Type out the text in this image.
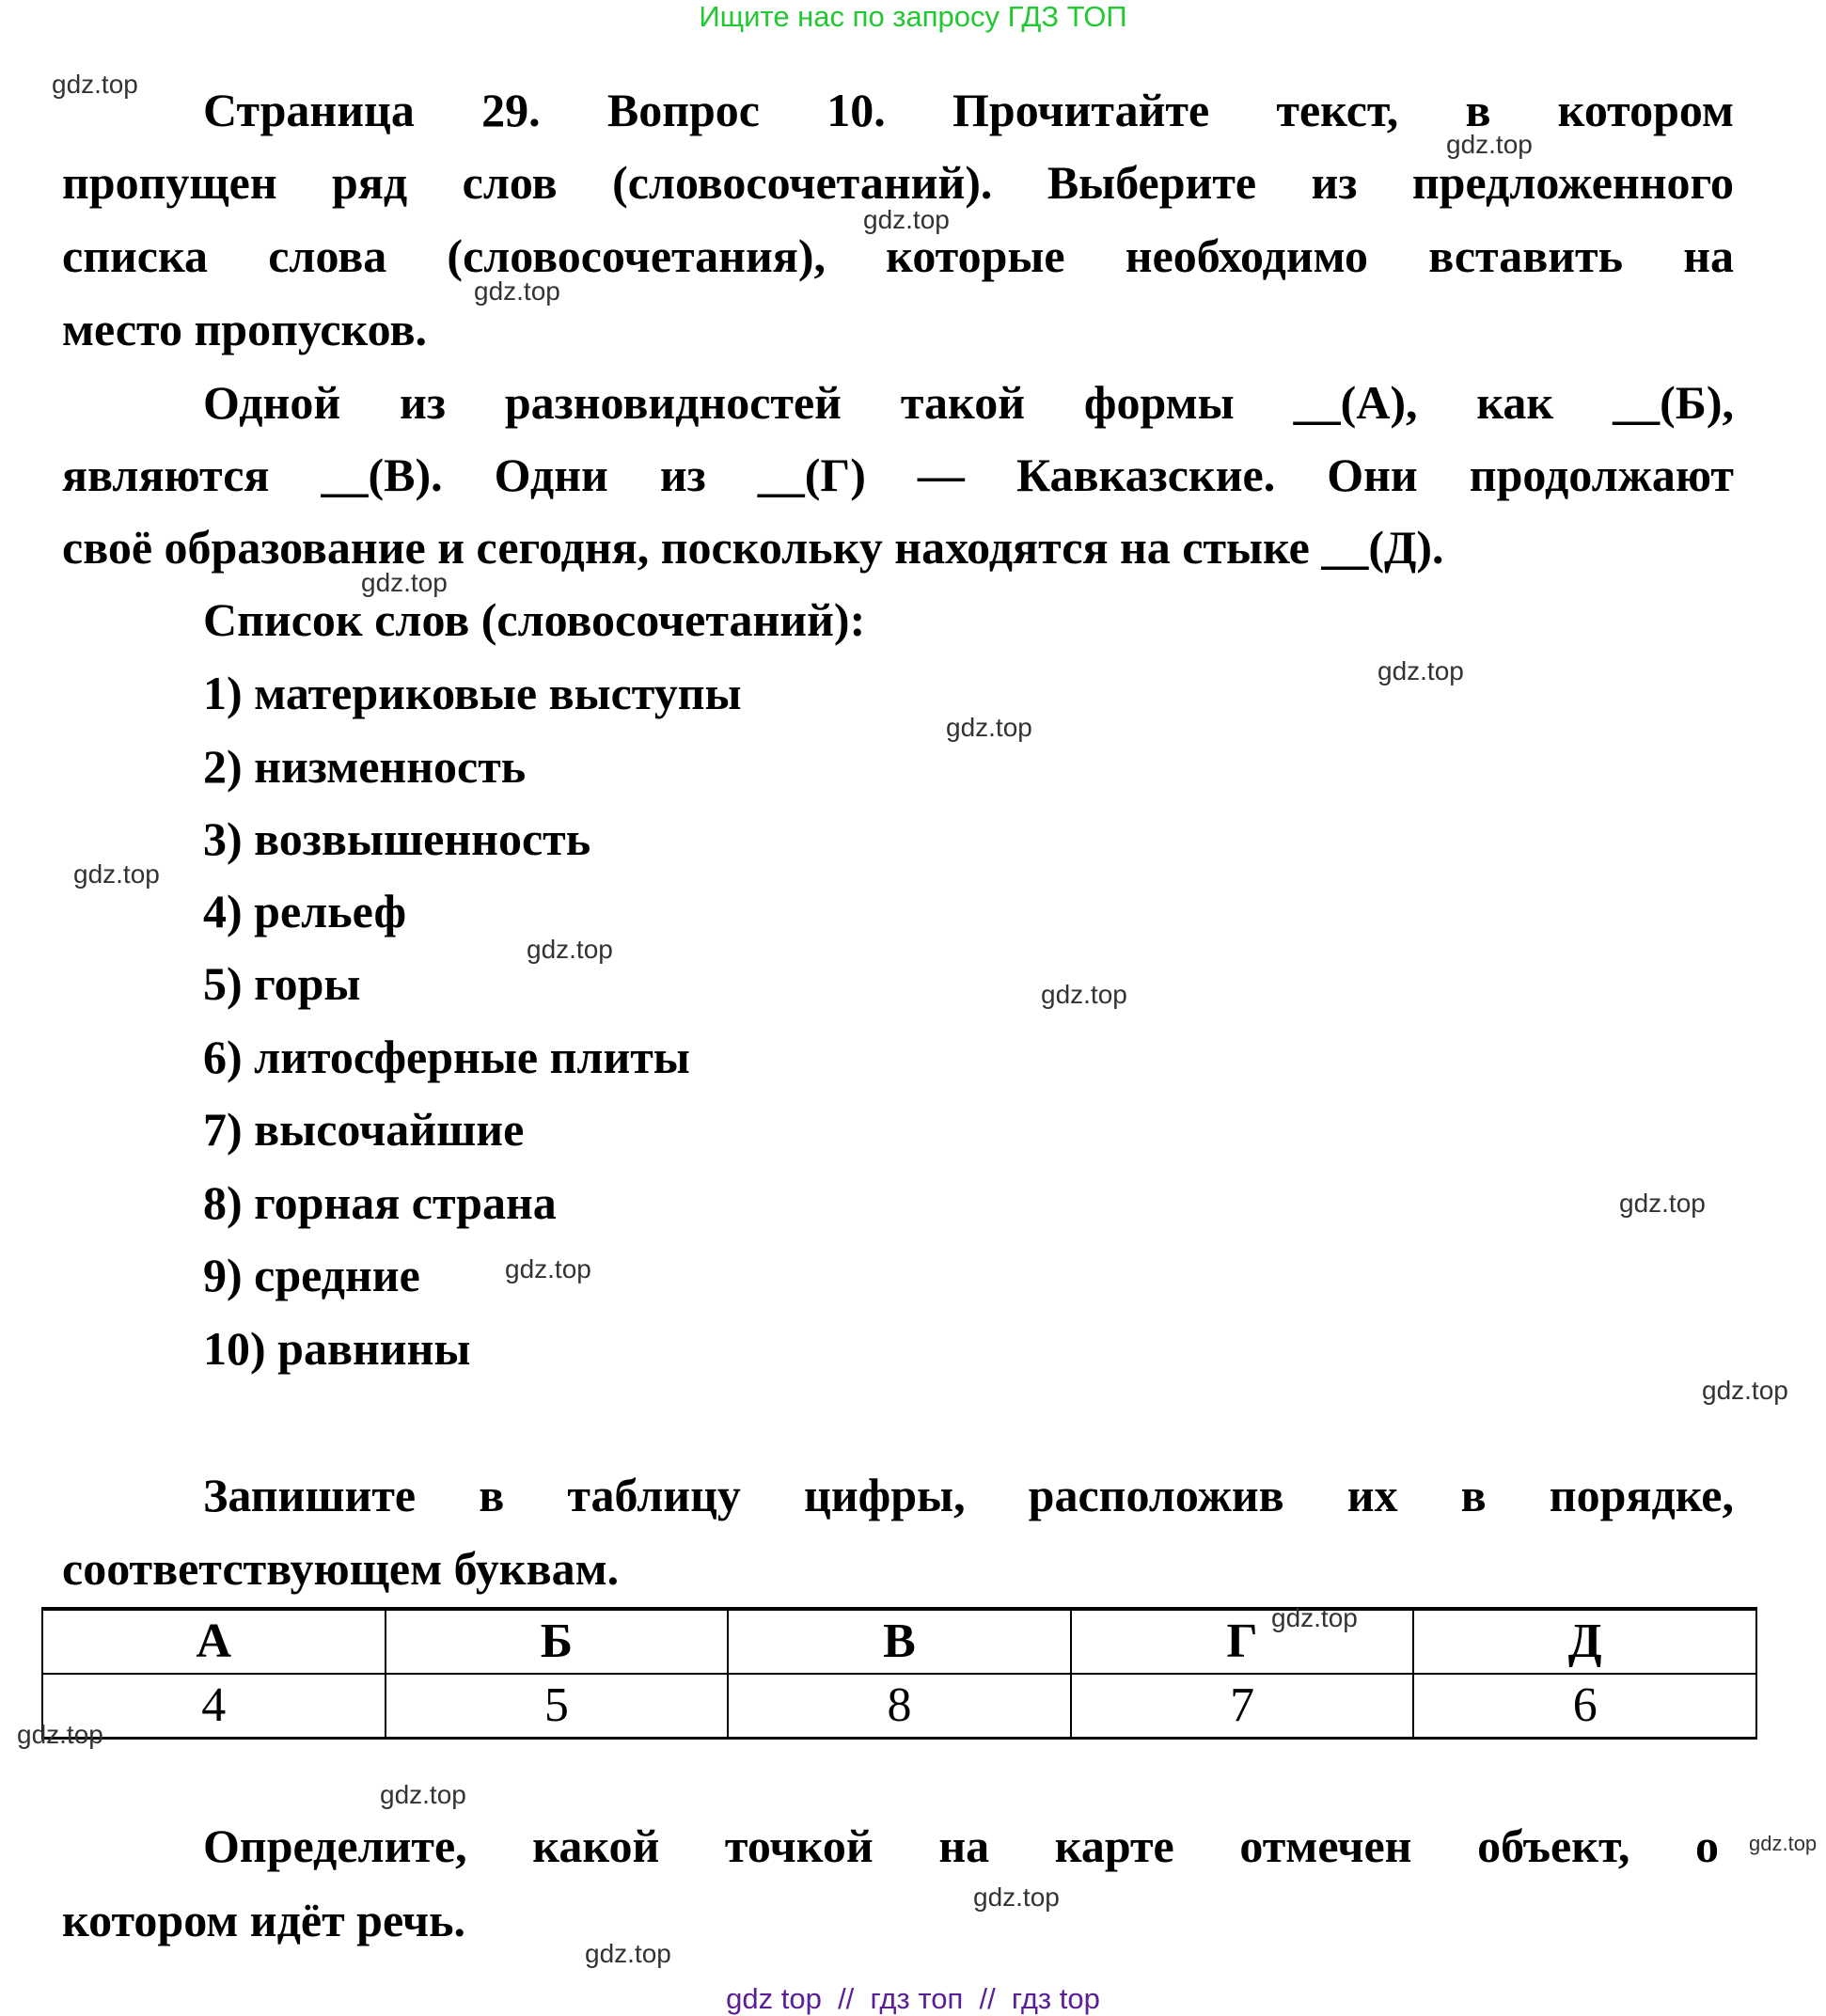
Ищите нас по запросу ГДЗ ТОП
Страница 29. Вопрос 10. Прочитайте текст, в котором
пропущен ряд слов (словосочетаний). Выберите из предложенного
списка слова (словосочетания), которые необходимо вставить на
место пропусков.
Одной из разновидностей такой формы __(А), как __(Б),
являются __(В). Одни из __(Г) — Кавказские. Они продолжают
своё образование и сегодня, поскольку находятся на стыке __(Д).
Список слов (словосочетаний):
1) материковые выступы
2) низменность
3) возвышенность
4) рельеф
5) горы
6) литосферные плиты
7) высочайшие
8) горная страна
9) средние
10) равнины
Запишите в таблицу цифры, расположив их в порядке,
соответствующем буквам.
А	Б	В	Г	Д
4	5	8	7	6
Определите, какой точкой на карте отмечен объект, о
котором идёт речь.
gdz.top
gdz.top
gdz.top
gdz.top
gdz.top
gdz.top
gdz.top
gdz.top
gdz.top
gdz.top
gdz.top
gdz.top
gdz.top
gdz.top
gdz.top
gdz.top
gdz.top
gdz.top
gdz.top
gdz top  //  гдз топ  //  гдз top
